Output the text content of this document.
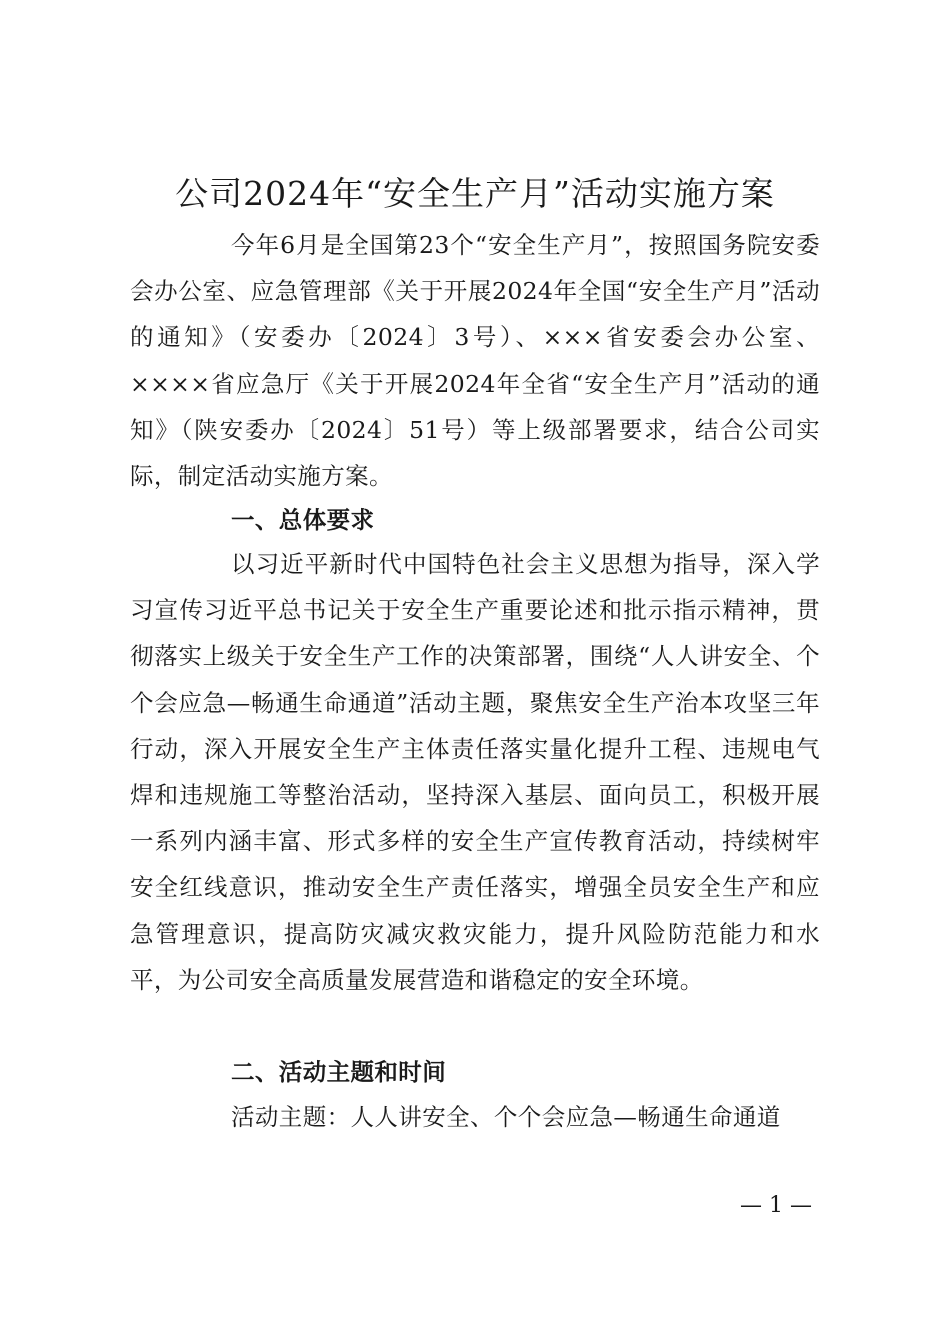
公司2024年“安全生产月”活动实施方案
今年6月是全国第23个“安全生产月”，按照国务院安委会办公室、应急管理部《关于开展2024年全国“安全生产月”活动的通知》（安委办〔2024〕3号）、×××省安委会办公室、××××省应急厅《关于开展2024年全省“安全生产月”活动的通知》（陕安委办〔2024〕51号）等上级部署要求，结合公司实际，制定活动实施方案。
一、总体要求
以习近平新时代中国特色社会主义思想为指导，深入学习宣传习近平总书记关于安全生产重要论述和批示指示精神，贯彻落实上级关于安全生产工作的决策部署，围绕“人人讲安全、个个会应急—畅通生命通道”活动主题，聚焦安全生产治本攻坚三年行动，深入开展安全生产主体责任落实量化提升工程、违规电气焊和违规施工等整治活动，坚持深入基层、面向员工，积极开展一系列内涵丰富、形式多样的安全生产宣传教育活动，持续树牢安全红线意识，推动安全生产责任落实，增强全员安全生产和应急管理意识，提高防灾减灾救灾能力，提升风险防范能力和水平，为公司安全高质量发展营造和谐稳定的安全环境。
二、活动主题和时间
活动主题：人人讲安全、个个会应急—畅通生命通道
— 1 —
